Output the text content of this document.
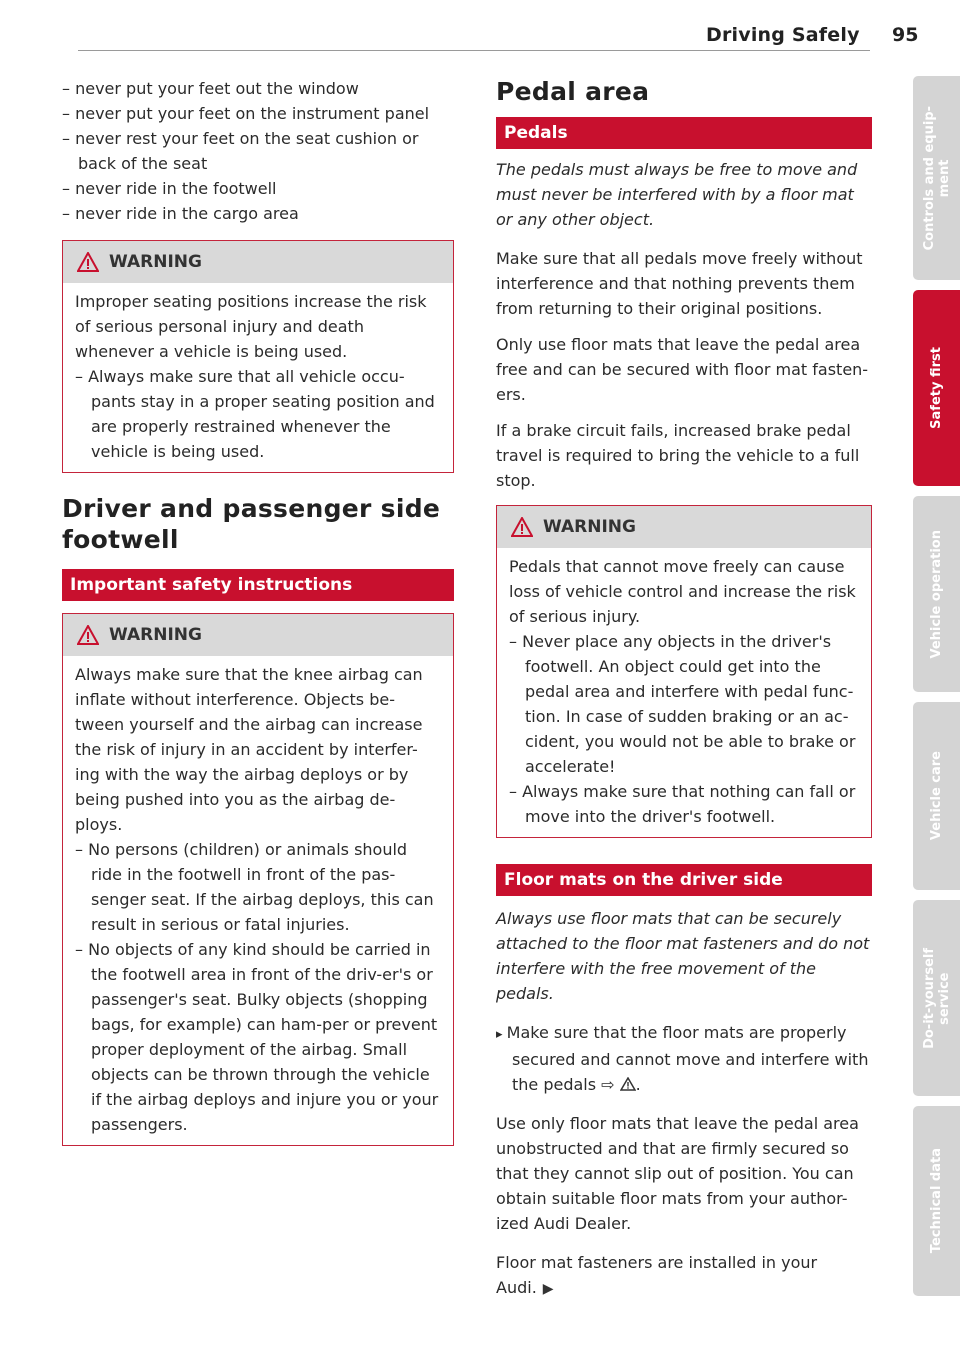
Driving Safely 95
– never put your feet out the window
– never put your feet on the instrument panel
– never rest your feet on the seat cushion or back of the seat
– never ride in the footwell
– never ride in the cargo area
WARNING

Improper seating positions increase the risk of serious personal injury and death whenever a vehicle is being used.

– Always make sure that all vehicle occu-pants stay in a proper seating position and are properly restrained whenever the vehicle is being used.
Driver and passenger side footwell
Important safety instructions
WARNING

Always make sure that the knee airbag can inflate without interference. Objects be-tween yourself and the airbag can increase the risk of injury in an accident by interfer-ing with the way the airbag deploys or by being pushed into you as the airbag de-ploys.

– No persons (children) or animals should ride in the footwell in front of the pas-senger seat. If the airbag deploys, this can result in serious or fatal injuries.
– No objects of any kind should be carried in the footwell area in front of the driv-er's or passenger's seat. Bulky objects (shopping bags, for example) can ham-per or prevent proper deployment of the airbag. Small objects can be thrown through the vehicle if the airbag deploys and injure you or your passengers.
Pedal area
Pedals

The pedals must always be free to move and must never be interfered with by a floor mat or any other object.

Make sure that all pedals move freely without interference and that nothing prevents them from returning to their original positions.

Only use floor mats that leave the pedal area free and can be secured with floor mat fasten-ers.

If a brake circuit fails, increased brake pedal travel is required to bring the vehicle to a full stop.

WARNING

Pedals that cannot move freely can cause loss of vehicle control and increase the risk of serious injury.

– Never place any objects in the driver's footwell. An object could get into the pedal area and interfere with pedal func-tion. In case of sudden braking or an ac-cident, you would not be able to brake or accelerate!
– Always make sure that nothing can fall or move into the driver's footwell.
Floor mats on the driver side

Always use floor mats that can be securely attached to the floor mat fasteners and do not interfere with the free movement of the pedals.

▸ Make sure that the floor mats are properly secured and cannot move and interfere with the pedals ⇨ .

Use only floor mats that leave the pedal area unobstructed and that are firmly secured so that they cannot slip out of position. You can obtain suitable floor mats from your author-ized Audi Dealer.

Floor mat fasteners are installed in your Audi. ▶

Controls and equip-
ment
Safety first
Vehicle operation
Vehicle care
Do-it-yourself
service
Technical data
